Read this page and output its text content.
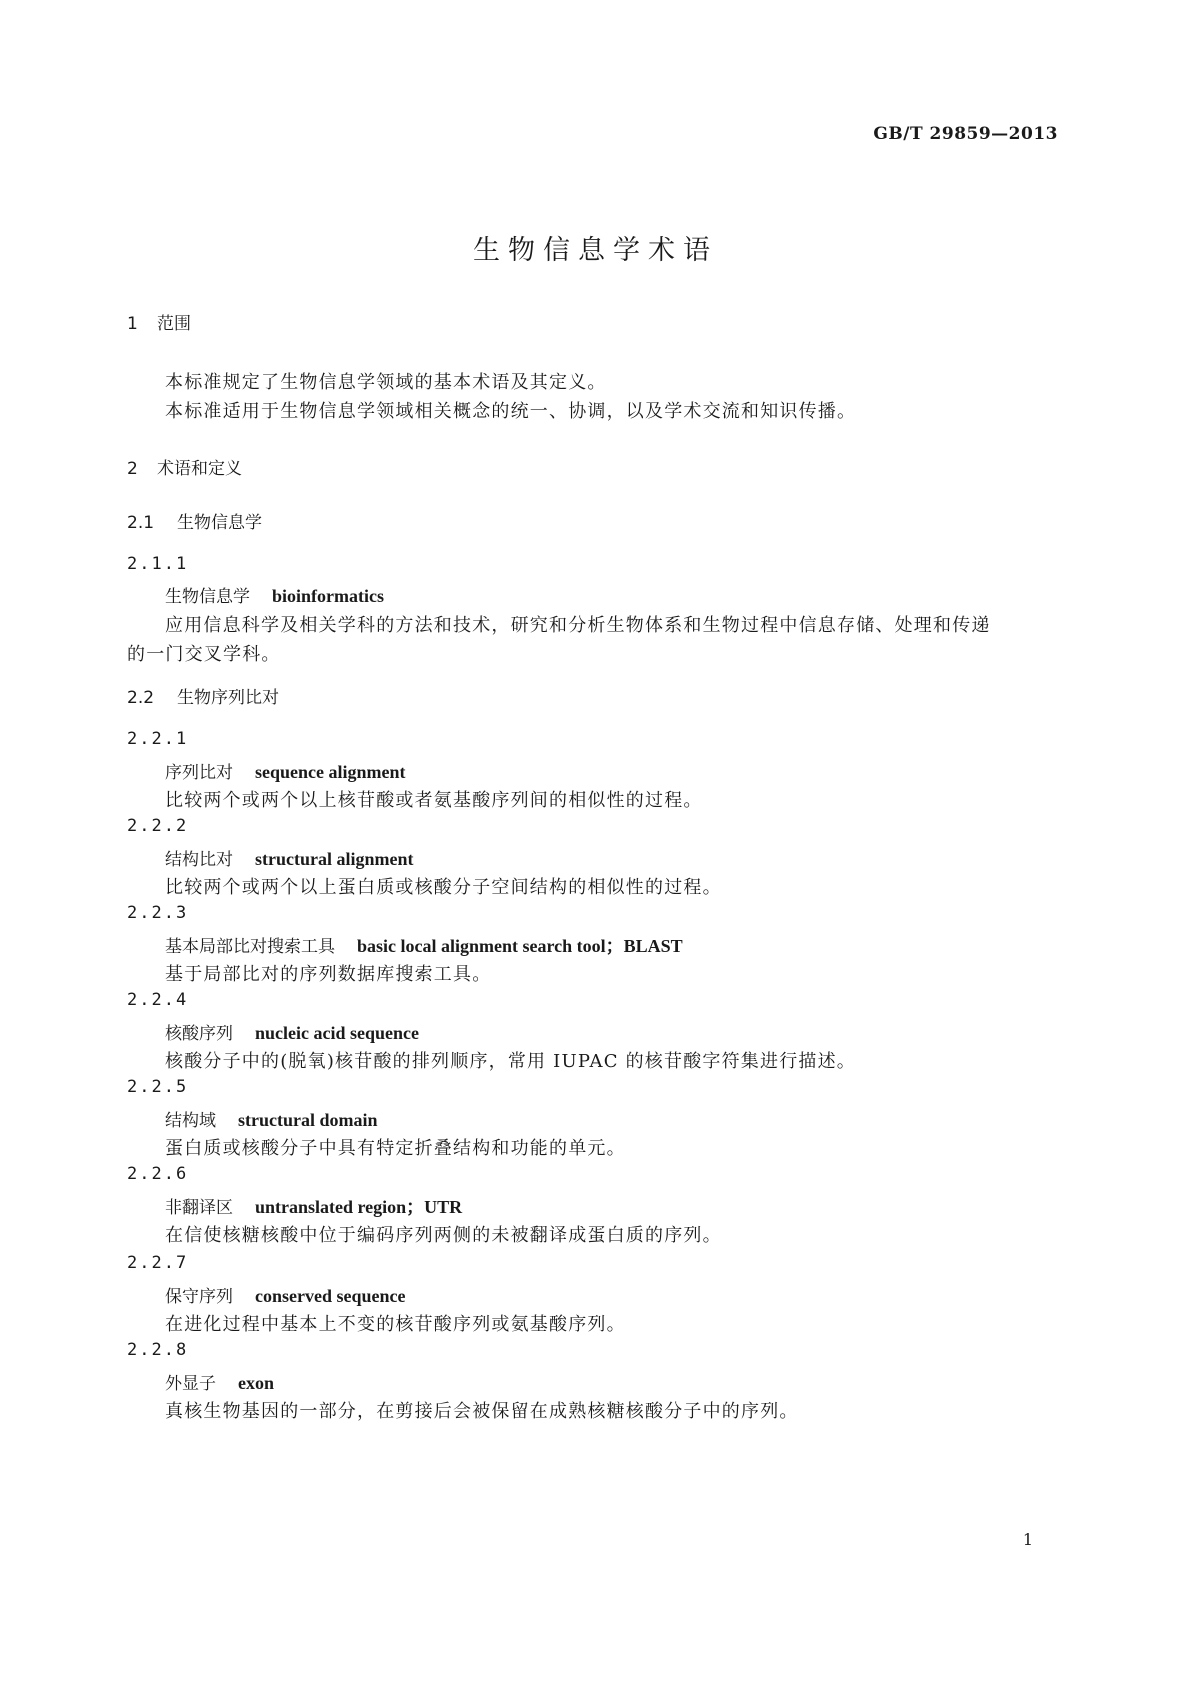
GB/T 29859—2013
生物信息学术语
1 范围
本标准规定了生物信息学领域的基本术语及其定义。
本标准适用于生物信息学领域相关概念的统一、协调，以及学术交流和知识传播。
2 术语和定义
2.1 生物信息学
2.1.1
生物信息学 bioinformatics
应用信息科学及相关学科的方法和技术，研究和分析生物体系和生物过程中信息存储、处理和传递
的一门交叉学科。
2.2 生物序列比对
2.2.1
序列比对 sequence alignment
比较两个或两个以上核苷酸或者氨基酸序列间的相似性的过程。
2.2.2
结构比对 structural alignment
比较两个或两个以上蛋白质或核酸分子空间结构的相似性的过程。
2.2.3
基本局部比对搜索工具 basic local alignment search tool；BLAST
基于局部比对的序列数据库搜索工具。
2.2.4
核酸序列 nucleic acid sequence
核酸分子中的(脱氧)核苷酸的排列顺序，常用 IUPAC 的核苷酸字符集进行描述。
2.2.5
结构域 structural domain
蛋白质或核酸分子中具有特定折叠结构和功能的单元。
2.2.6
非翻译区 untranslated region；UTR
在信使核糖核酸中位于编码序列两侧的未被翻译成蛋白质的序列。
2.2.7
保守序列 conserved sequence
在进化过程中基本上不变的核苷酸序列或氨基酸序列。
2.2.8
外显子 exon
真核生物基因的一部分，在剪接后会被保留在成熟核糖核酸分子中的序列。
1
